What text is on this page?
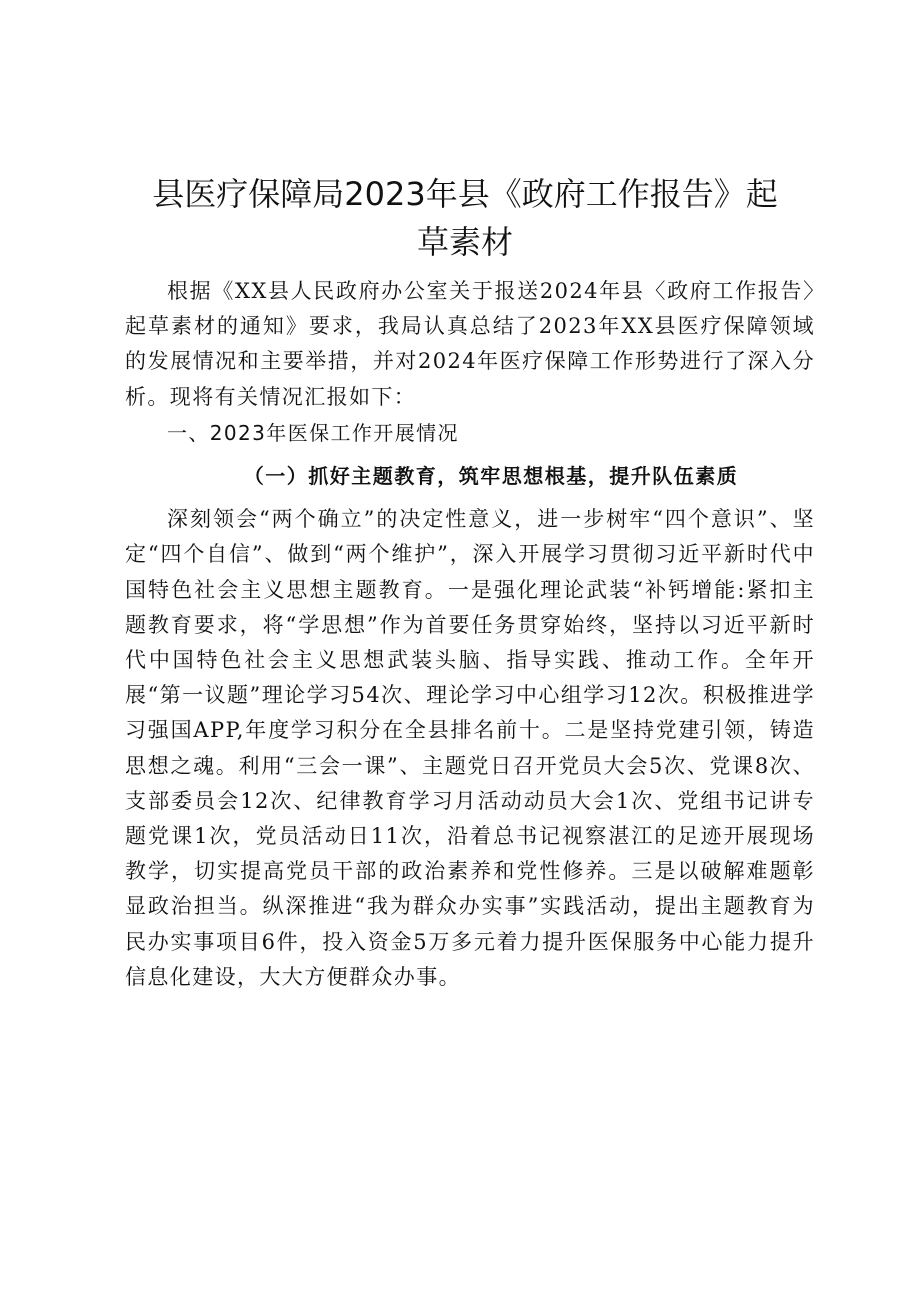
县医疗保障局2023年县《政府工作报告》起
草素材

根据《XX县人民政府办公室关于报送2024年县〈政府工作报告〉起草素材的通知》要求，我局认真总结了2023年XX县医疗保障领域的发展情况和主要举措，并对2024年医疗保障工作形势进行了深入分析。现将有关情况汇报如下：

一、2023年医保工作开展情况

（一）抓好主题教育，筑牢思想根基，提升队伍素质

深刻领会“两个确立”的决定性意义，进一步树牢“四个意识”、坚定“四个自信”、做到“两个维护”，深入开展学习贯彻习近平新时代中国特色社会主义思想主题教育。一是强化理论武装“补钙增能:紧扣主题教育要求，将“学思想”作为首要任务贯穿始终，坚持以习近平新时代中国特色社会主义思想武装头脑、指导实践、推动工作。全年开展“第一议题”理论学习54次、理论学习中心组学习12次。积极推进学习强国APP,年度学习积分在全县排名前十。二是坚持党建引领，铸造思想之魂。利用“三会一课”、主题党日召开党员大会5次、党课8次、支部委员会12次、纪律教育学习月活动动员大会1次、党组书记讲专题党课1次，党员活动日11次，沿着总书记视察湛江的足迹开展现场教学，切实提高党员干部的政治素养和党性修养。三是以破解难题彰显政治担当。纵深推进“我为群众办实事”实践活动，提出主题教育为民办实事项目6件，投入资金5万多元着力提升医保服务中心能力提升信息化建设，大大方便群众办事。
